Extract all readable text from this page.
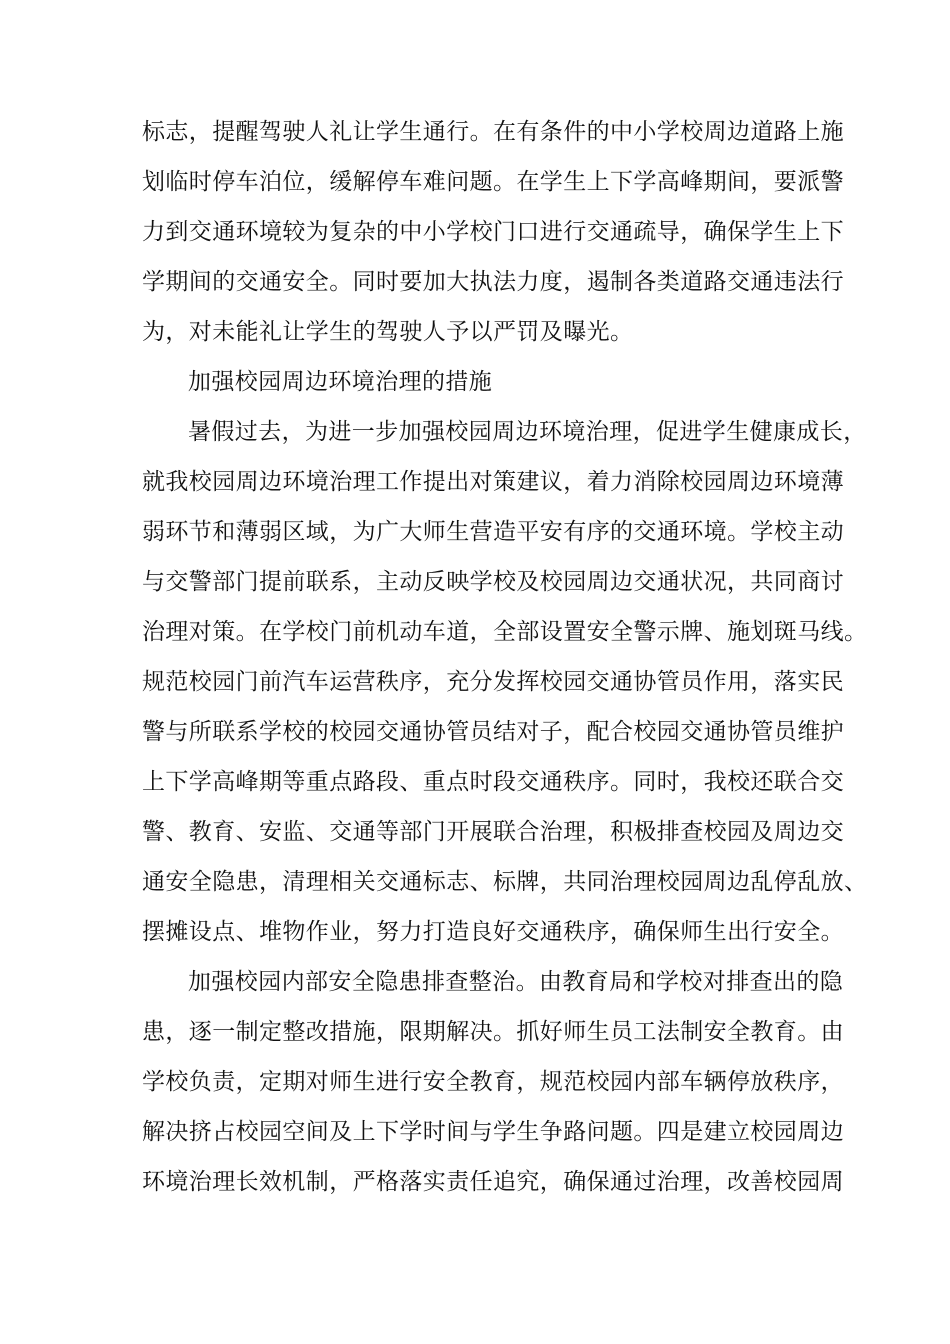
标志，提醒驾驶人礼让学生通行。在有条件的中小学校周边道路上施
划临时停车泊位，缓解停车难问题。在学生上下学高峰期间，要派警
力到交通环境较为复杂的中小学校门口进行交通疏导，确保学生上下
学期间的交通安全。同时要加大执法力度，遏制各类道路交通违法行
为，对未能礼让学生的驾驶人予以严罚及曝光。
加强校园周边环境治理的措施
暑假过去，为进一步加强校园周边环境治理，促进学生健康成长，
就我校园周边环境治理工作提出对策建议，着力消除校园周边环境薄
弱环节和薄弱区域，为广大师生营造平安有序的交通环境。学校主动
与交警部门提前联系，主动反映学校及校园周边交通状况，共同商讨
治理对策。在学校门前机动车道，全部设置安全警示牌、施划斑马线。
规范校园门前汽车运营秩序，充分发挥校园交通协管员作用，落实民
警与所联系学校的校园交通协管员结对子，配合校园交通协管员维护
上下学高峰期等重点路段、重点时段交通秩序。同时，我校还联合交
警、教育、安监、交通等部门开展联合治理，积极排查校园及周边交
通安全隐患，清理相关交通标志、标牌，共同治理校园周边乱停乱放、
摆摊设点、堆物作业，努力打造良好交通秩序，确保师生出行安全。
加强校园内部安全隐患排查整治。由教育局和学校对排查出的隐
患，逐一制定整改措施，限期解决。抓好师生员工法制安全教育。由
学校负责，定期对师生进行安全教育，规范校园内部车辆停放秩序，
解决挤占校园空间及上下学时间与学生争路问题。四是建立校园周边
环境治理长效机制，严格落实责任追究，确保通过治理，改善校园周
